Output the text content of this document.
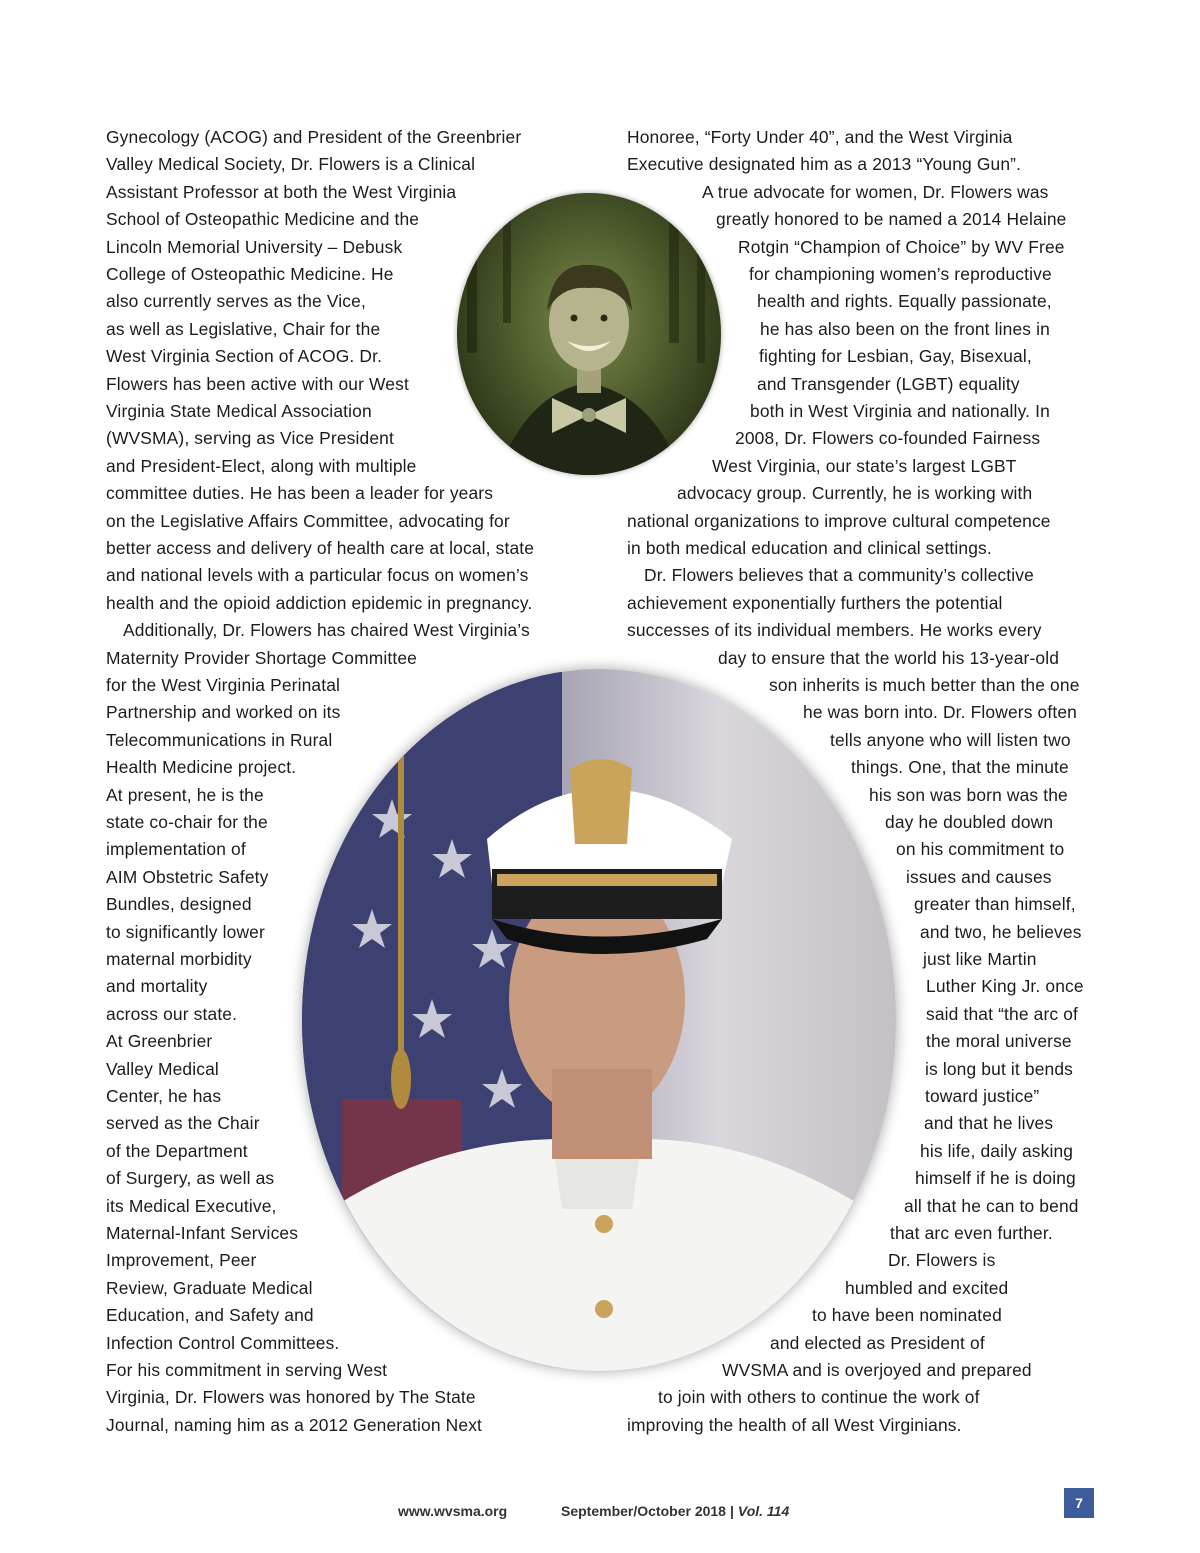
Gynecology (ACOG) and President of the Greenbrier
Valley Medical Society, Dr. Flowers is a Clinical
Assistant Professor at both the West Virginia
School of Osteopathic Medicine and the
Lincoln Memorial University – Debusk
College of Osteopathic Medicine. He
also currently serves as the Vice,
as well as Legislative, Chair for the
West Virginia Section of ACOG. Dr.
Flowers has been active with our West
Virginia State Medical Association
(WVSMA), serving as Vice President
and President-Elect, along with multiple
committee duties. He has been a leader for years
on the Legislative Affairs Committee, advocating for
better access and delivery of health care at local, state
and national levels with a particular focus on women’s
health and the opioid addiction epidemic in pregnancy.
Additionally, Dr. Flowers has chaired West Virginia’s
Maternity Provider Shortage Committee
for the West Virginia Perinatal
Partnership and worked on its
Telecommunications in Rural
Health Medicine project.
At present, he is the
state co-chair for the
implementation of
AIM Obstetric Safety
Bundles, designed
to significantly lower
maternal morbidity
and mortality
across our state.
At Greenbrier
Valley Medical
Center, he has
served as the Chair
of the Department
of Surgery, as well as
its Medical Executive,
Maternal-Infant Services
Improvement, Peer
Review, Graduate Medical
Education, and Safety and
Infection Control Committees.
For his commitment in serving West
Virginia, Dr. Flowers was honored by The State
Journal, naming him as a 2012 Generation Next
Honoree, “Forty Under 40”, and the West Virginia
Executive designated him as a 2013 “Young Gun”.
A true advocate for women, Dr. Flowers was
greatly honored to be named a 2014 Helaine
Rotgin “Champion of Choice” by WV Free
for championing women’s reproductive
health and rights. Equally passionate,
he has also been on the front lines in
fighting for Lesbian, Gay, Bisexual,
and Transgender (LGBT) equality
both in West Virginia and nationally. In
2008, Dr. Flowers co-founded Fairness
West Virginia, our state’s largest LGBT
advocacy group. Currently, he is working with
national organizations to improve cultural competence
in both medical education and clinical settings.
Dr. Flowers believes that a community’s collective
achievement exponentially furthers the potential
successes of its individual members. He works every
day to ensure that the world his 13-year-old
son inherits is much better than the one
he was born into. Dr. Flowers often
tells anyone who will listen two
things. One, that the minute
his son was born was the
day he doubled down
on his commitment to
issues and causes
greater than himself,
and two, he believes
just like Martin
Luther King Jr. once
said that “the arc of
the moral universe
is long but it bends
toward justice”
and that he lives
his life, daily asking
himself if he is doing
all that he can to bend
that arc even further.
Dr. Flowers is
humbled and excited
to have been nominated
and elected as President of
WVSMA and is overjoyed and prepared
to join with others to continue the work of
improving the health of all West Virginians.
www.wvsma.org	September/October 2018 | Vol. 114	7
